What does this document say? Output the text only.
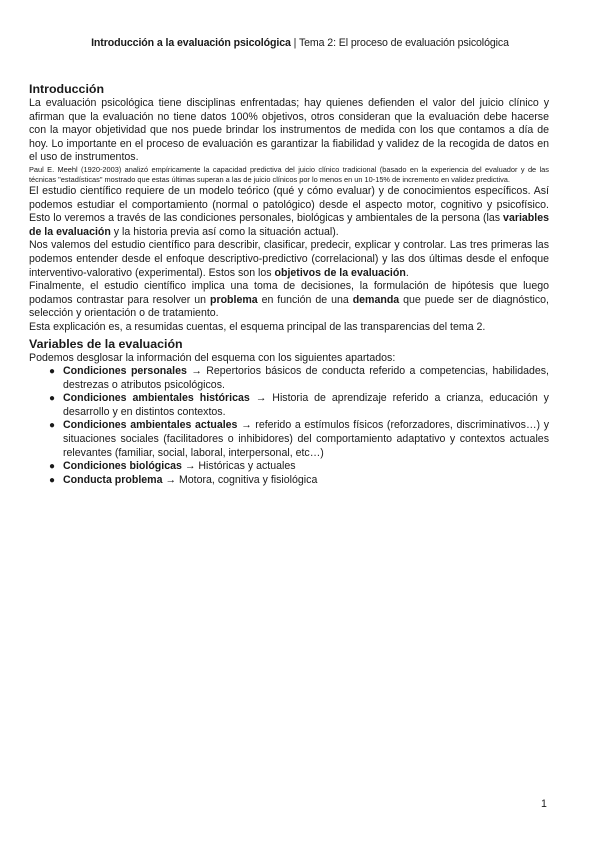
Introducción a la evaluación psicológica | Tema 2: El proceso de evaluación psicológica
Introducción

La evaluación psicológica tiene disciplinas enfrentadas; hay quienes defienden el valor del juicio clínico y afirman que la evaluación no tiene datos 100% objetivos, otros consideran que la evaluación debe hacerse con la mayor objetividad que nos puede brindar los instrumentos de medida con los que contamos a día de hoy. Lo importante en el proceso de evaluación es garantizar la fiabilidad y validez de la recogida de datos en el uso de instrumentos.

Paul E. Meehl (1920-2003) analizó empíricamente la capacidad predictiva del juicio clínico tradicional (basado en la experiencia del evaluador y de las técnicas "estadísticas" mostrado que estas últimas superan a las de juicio clínicos por lo menos en un 10-15% de incremento en validez predictiva.

El estudio científico requiere de un modelo teórico (qué y cómo evaluar) y de conocimientos específicos. Así podemos estudiar el comportamiento (normal o patológico) desde el aspecto motor, cognitivo y psicofísico. Esto lo veremos a través de las condiciones personales, biológicas y ambientales de la persona (las variables de la evaluación y la historia previa así como la situación actual).

Nos valemos del estudio científico para describir, clasificar, predecir, explicar y controlar. Las tres primeras las podemos entender desde el enfoque descriptivo-predictivo (correlacional) y las dos últimas desde el enfoque interventivo-valorativo (experimental). Estos son los objetivos de la evaluación.

Finalmente, el estudio científico implica una toma de decisiones, la formulación de hipótesis que luego podamos contrastar para resolver un problema en función de una demanda que puede ser de diagnóstico, selección y orientación o de tratamiento.

Esta explicación es, a resumidas cuentas, el esquema principal de las transparencias del tema 2.

Variables de la evaluación

Podemos desglosar la información del esquema con los siguientes apartados:

● Condiciones personales → Repertorios básicos de conducta referido a competencias, habilidades, destrezas o atributos psicológicos.
● Condiciones ambientales históricas → Historia de aprendizaje referido a crianza, educación y desarrollo y en distintos contextos.
● Condiciones ambientales actuales → referido a estímulos físicos (reforzadores, discriminativos…) y situaciones sociales (facilitadores o inhibidores) del comportamiento adaptativo y contextos actuales relevantes (familiar, social, laboral, interpersonal, etc…)
● Condiciones biológicas → Históricas y actuales
● Conducta problema → Motora, cognitiva y fisiológica
1
